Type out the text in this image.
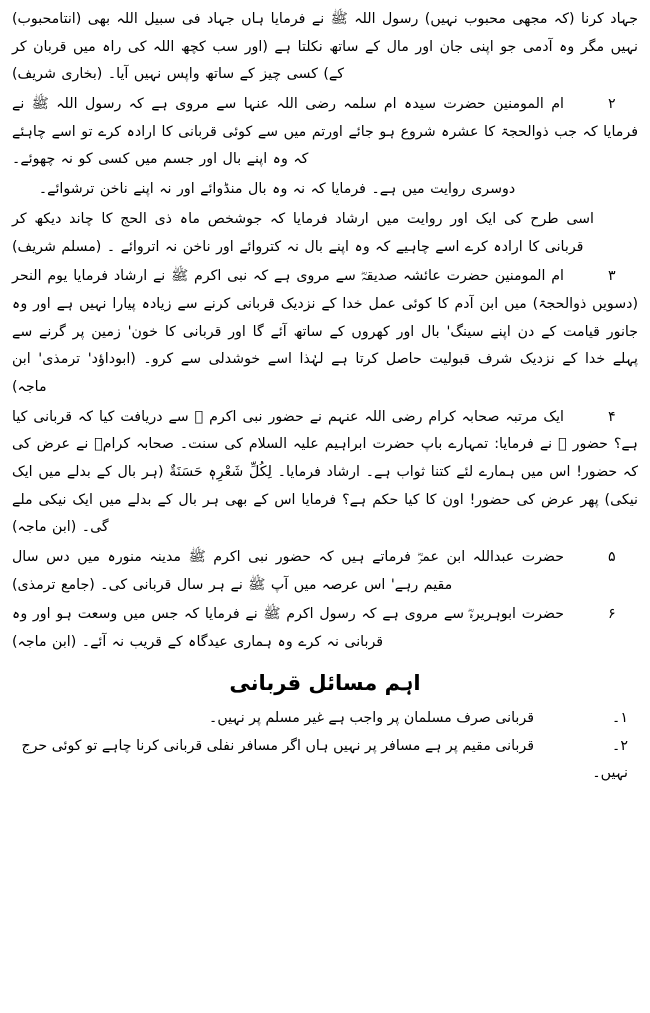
جہاد کرنا (کہ مجھی محبوب نہیں) رسول اللہ ﷺ نے فرمایا ہاں جہاد فی سبیل اللہ بھی (انتامحبوب) نہیں مگر وہ آدمی جو اپنی جان اور مال کے ساتھ نکلتا ہے (اور سب کچھ اللہ کی راہ میں قربان کر کے) کسی چیز کے ساتھ واپس نہیں آیا۔ (بخاری شریف)

۲ام المومنین حضرت سیدہ ام سلمہ رضی اللہ عنہا سے مروی ہے کہ رسول اللہ ﷺ نے فرمایا کہ جب ذوالحجۃ کا عشرہ شروع ہو جائے اورتم میں سے کوئی قربانی کا ارادہ کرے تو اسے چاہئے کہ وہ اپنے بال اور جسم میں کسی کو نہ چھوئے۔

دوسری روایت میں ہے۔ فرمایا کہ نہ وہ بال منڈوائے اور نہ اپنے ناخن ترشوائے۔

اسی طرح کی ایک اور روایت میں ارشاد فرمایا کہ جوشخص ماہ ذی الحج کا چاند دیکھ کر قربانی کا ارادہ کرے اسے چاہیے کہ وہ اپنے بال نہ کتروائے اور ناخن نہ اتروائے ۔ (مسلم شریف)

۳ام المومنین حضرت عائشہ صدیقہؓ سے مروی ہے کہ نبی اکرم ﷺ نے ارشاد فرمایا یوم النحر (دسویں ذوالحجۃ) میں ابن آدم کا کوئی عمل خدا کے نزدیک قربانی کرنے سے زیادہ پیارا نہیں ہے اور وہ جانور قیامت کے دن اپنے سینگ' بال اور کھروں کے ساتھ آئے گا اور قربانی کا خون' زمین پر گرنے سے پہلے خدا کے نزدیک شرف قبولیت حاصل کرتا ہے لہٰذا اسے خوشدلی سے کرو۔ (ابوداؤد' ترمذی' ابن ماجہ)

۴ایک مرتبہ صحابہ کرام رضی اللہ عنہم نے حضور نبی اکرم ﷺ سے دریافت کیا کہ قربانی کیا ہے؟ حضور ﷺ نے فرمایا: تمہارے باپ حضرت ابراہیم علیہ السلام کی سنت۔ صحابہ کرامؓ نے عرض کی کہ حضور! اس میں ہمارے لئے کتنا ثواب ہے۔ ارشاد فرمایا۔ لِكُلِّ شَعْرِهٖ حَسَنَةٌ (ہر بال کے بدلے میں ایک نیکی) پھر عرض کی حضور! اون کا کیا حکم ہے؟ فرمایا اس کے بھی ہر بال کے بدلے میں ایک نیکی ملے گی۔ (ابن ماجہ)

۵حضرت عبداللہ ابن عمرؓ فرماتے ہیں کہ حضور نبی اکرم ﷺ مدینہ منورہ میں دس سال مقیم رہے' اس عرصہ میں آپ ﷺ نے ہر سال قربانی کی۔ (جامع ترمذی)

۶حضرت ابوہریرہؓ سے مروی ہے کہ رسول اکرم ﷺ نے فرمایا کہ جس میں وسعت ہو اور وہ قربانی نہ کرے وہ ہماری عیدگاہ کے قریب نہ آئے۔ (ابن ماجہ)

اہم مسائل قربانی

۱۔قربانی صرف مسلمان پر واجب ہے غیر مسلم پر نہیں۔

۲۔قربانی مقیم پر ہے مسافر پر نہیں ہاں اگر مسافر نفلی قربانی کرنا چاہے تو کوئی حرج نہیں۔
